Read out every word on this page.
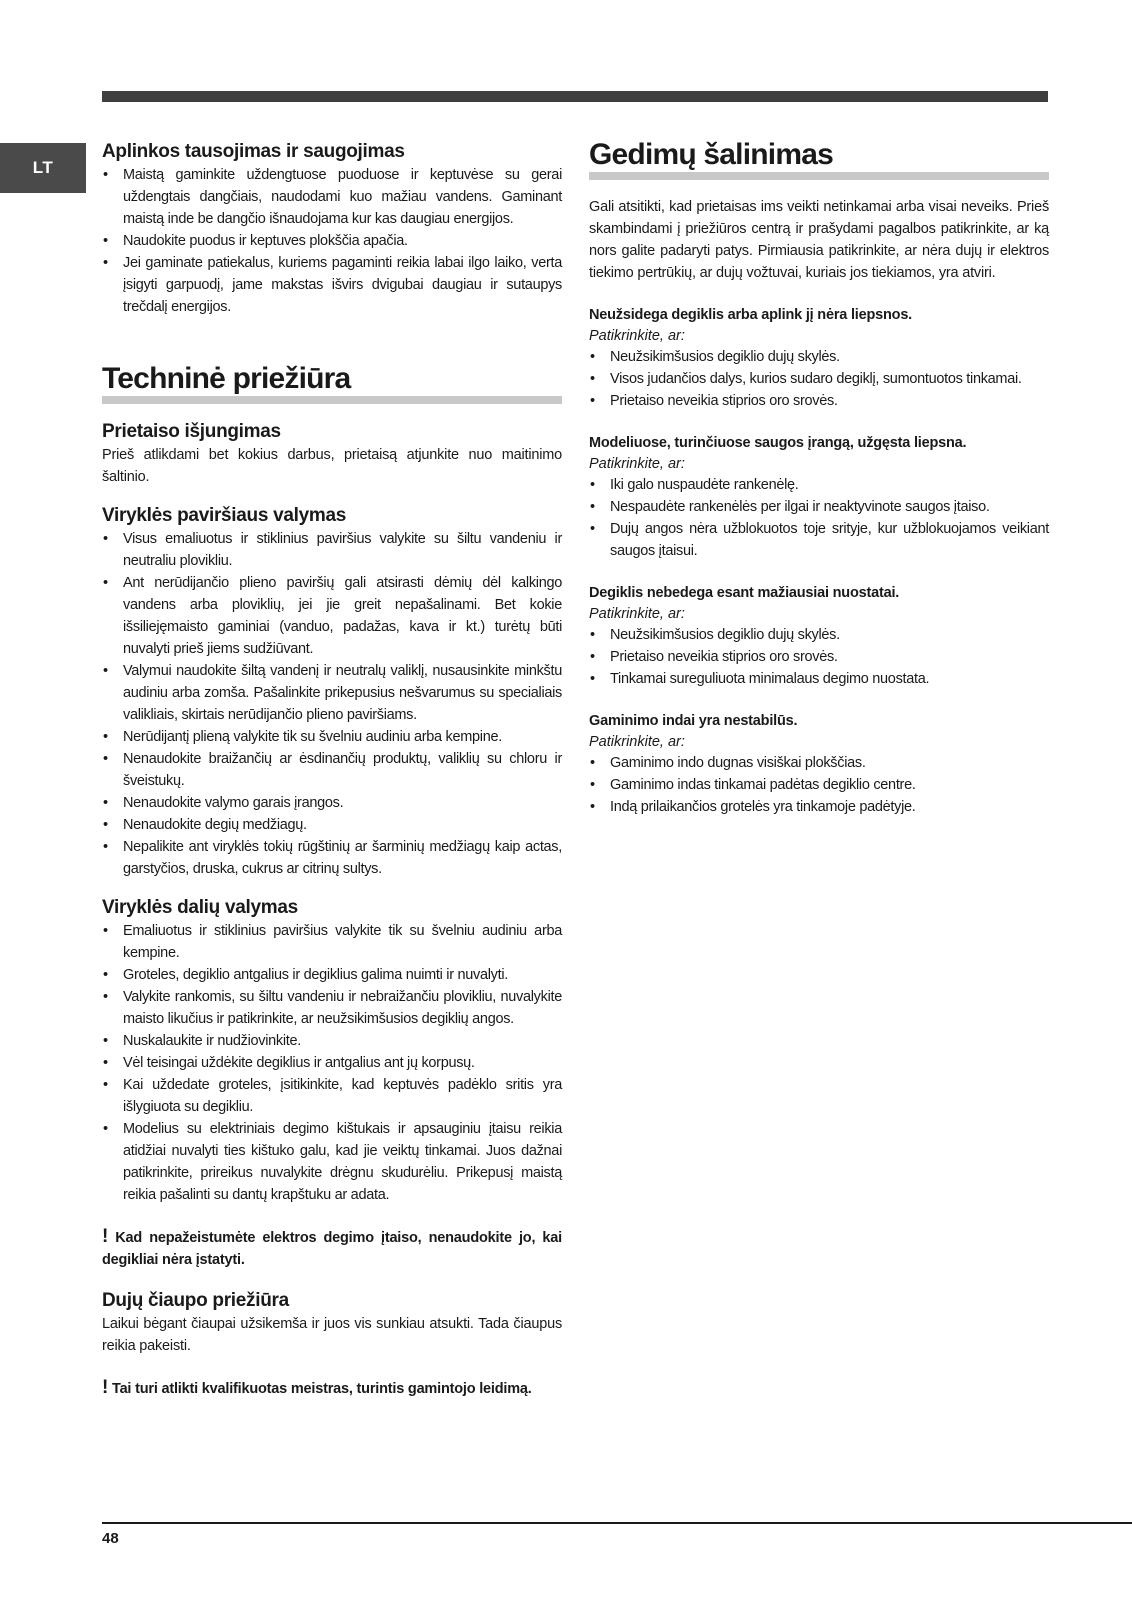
LT
Aplinkos tausojimas ir saugojimas
• Maistą gaminkite uždengtuose puoduose ir keptuvėse su gerai uždengtais dangčiais, naudodami kuo mažiau vandens. Gaminant maistą inde be dangčio išnaudojama kur kas daugiau energijos.
• Naudokite puodus ir keptuves plokščia apačia.
• Jei gaminate patiekalus, kuriems pagaminti reikia labai ilgo laiko, verta įsigyti garpuodį, jame makstas išvirs dvigubai daugiau ir sutaupys trečdalį energijos.
Techninė priežiūra
Prietaiso išjungimas

Prieš atlikdami bet kokius darbus, prietaisą atjunkite nuo maitinimo šaltinio.

Viryklės paviršiaus valymas
• Visus emaliuotus ir stiklinius paviršius valykite su šiltu vandeniu ir neutraliu plovikliu.
• Ant nerūdijančio plieno paviršių gali atsirasti dėmių dėl kalkingo vandens arba ploviklių, jei jie greit nepašalinami. Bet kokie išsiliejęmaisto gaminiai (vanduo, padažas, kava ir kt.) turėtų būti nuvalyti prieš jiems sudžiūvant.
• Valymui naudokite šiltą vandenį ir neutralų valiklį, nusausinkite minkštu audiniu arba zomša. Pašalinkite prikepusius nešvarumus su specialiais valikliais, skirtais nerūdijančio plieno paviršiams.
• Nerūdijantį plieną valykite tik su švelniu audiniu arba kempine.
• Nenaudokite braižančių ar ėsdinančių produktų, valiklių su chloru ir šveistukų.
• Nenaudokite valymo garais įrangos.
• Nenaudokite degių medžiagų.
• Nepalikite ant viryklės tokių rūgštinių ar šarminių medžiagų kaip actas, garstyčios, druska, cukrus ar citrinų sultys.
Viryklės dalių valymas
• Emaliuotus ir stiklinius paviršius valykite tik su švelniu audiniu arba kempine.
• Groteles, degiklio antgalius ir degiklius galima nuimti ir nuvalyti.
• Valykite rankomis, su šiltu vandeniu ir nebraižančiu plovikliu, nuvalykite maisto likučius ir patikrinkite, ar neužsikimšusios degiklių angos.
• Nuskalaukite ir nudžiovinkite.
• Vėl teisingai uždėkite degiklius ir antgalius ant jų korpusų.
• Kai uždedate groteles, įsitikinkite, kad keptuvės padėklo sritis yra išlygiuota su degikliu.
• Modelius su elektriniais degimo kištukais ir apsauginiu įtaisu reikia atidžiai nuvalyti ties kištuko galu, kad jie veiktų tinkamai. Juos dažnai patikrinkite, prireikus nuvalykite drėgnu skudurėliu. Prikepusį maistą reikia pašalinti su dantų krapštuku ar adata.

! Kad nepažeistumėte elektros degimo įtaiso, nenaudokite jo, kai degikliai nėra įstatyti.

Dujų čiaupo priežiūra

Laikui bėgant čiaupai užsikemša ir juos vis sunkiau atsukti. Tada čiaupus reikia pakeisti.

! Tai turi atlikti kvalifikuotas meistras, turintis gamintojo leidimą.

Gedimų šalinimas

Gali atsitikti, kad prietaisas ims veikti netinkamai arba visai neveiks. Prieš skambindami į priežiūros centrą ir prašydami pagalbos patikrinkite, ar ką nors galite padaryti patys. Pirmiausia patikrinkite, ar nėra dujų ir elektros tiekimo pertrūkių, ar dujų vožtuvai, kuriais jos tiekiamos, yra atviri.

Neužsidega degiklis arba aplink jį nėra liepsnos.

Patikrinkite, ar:

• Neužsikimšusios degiklio dujų skylės.
• Visos judančios dalys, kurios sudaro degiklį, sumontuotos tinkamai.
• Prietaiso neveikia stiprios oro srovės.

Modeliuose, turinčiuose saugos įrangą, užgęsta liepsna.

Patikrinkite, ar:

• Iki galo nuspaudėte rankenėlę.
• Nespaudėte rankenėlės per ilgai ir neaktyvinote saugos įtaiso.
• Dujų angos nėra užblokuotos toje srityje, kur užblokuojamos veikiant saugos įtaisui.

Degiklis nebedega esant mažiausiai nuostatai.

Patikrinkite, ar:

• Neužsikimšusios degiklio dujų skylės.
• Prietaiso neveikia stiprios oro srovės.
• Tinkamai sureguliuota minimalaus degimo nuostata.

Gaminimo indai yra nestabilūs.

Patikrinkite, ar:

• Gaminimo indo dugnas visiškai plokščias.
• Gaminimo indas tinkamai padėtas degiklio centre.
• Indą prilaikančios grotelės yra tinkamoje padėtyje.
48
